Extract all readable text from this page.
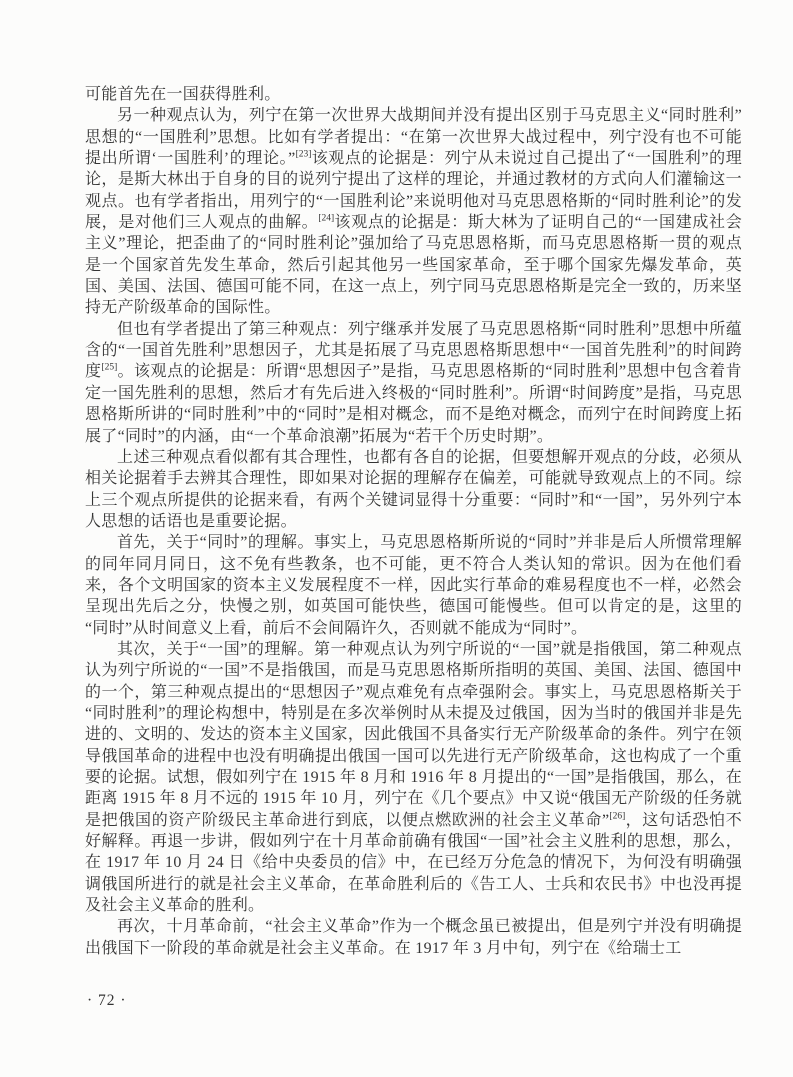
可能首先在一国获得胜利。

另一种观点认为，列宁在第一次世界大战期间并没有提出区别于马克思主义“同时胜利”思想的“一国胜利”思想。比如有学者提出：“在第一次世界大战过程中，列宁没有也不可能提出所谓‘一国胜利’的理论。”[23]该观点的论据是：列宁从未说过自己提出了“一国胜利”的理论，是斯大林出于自身的目的说列宁提出了这样的理论，并通过教材的方式向人们灌输这一观点。也有学者指出，用列宁的“一国胜利论”来说明他对马克思恩格斯的“同时胜利论”的发展，是对他们三人观点的曲解。[24]该观点的论据是：斯大林为了证明自己的“一国建成社会主义”理论，把歪曲了的“同时胜利论”强加给了马克思恩格斯，而马克思恩格斯一贯的观点是一个国家首先发生革命，然后引起其他另一些国家革命，至于哪个国家先爆发革命，英国、美国、法国、德国可能不同，在这一点上，列宁同马克思恩格斯是完全一致的，历来坚持无产阶级革命的国际性。

但也有学者提出了第三种观点：列宁继承并发展了马克思恩格斯“同时胜利”思想中所蕴含的“一国首先胜利”思想因子，尤其是拓展了马克思恩格斯思想中“一国首先胜利”的时间跨度[25]。该观点的论据是：所谓“思想因子”是指，马克思恩格斯的“同时胜利”思想中包含着肯定一国先胜利的思想，然后才有先后进入终极的“同时胜利”。所谓“时间跨度”是指，马克思恩格斯所讲的“同时胜利”中的“同时”是相对概念，而不是绝对概念，而列宁在时间跨度上拓展了“同时”的内涵，由“一个革命浪潮”拓展为“若干个历史时期”。

上述三种观点看似都有其合理性，也都有各自的论据，但要想解开观点的分歧，必须从相关论据着手去辨其合理性，即如果对论据的理解存在偏差，可能就导致观点上的不同。综上三个观点所提供的论据来看，有两个关键词显得十分重要：“同时”和“一国”，另外列宁本人思想的话语也是重要论据。

首先，关于“同时”的理解。事实上，马克思恩格斯所说的“同时”并非是后人所惯常理解的同年同月同日，这不免有些教条，也不可能，更不符合人类认知的常识。因为在他们看来，各个文明国家的资本主义发展程度不一样，因此实行革命的难易程度也不一样，必然会呈现出先后之分，快慢之别，如英国可能快些，德国可能慢些。但可以肯定的是，这里的“同时”从时间意义上看，前后不会间隔许久，否则就不能成为“同时”。

其次，关于“一国”的理解。第一种观点认为列宁所说的“一国”就是指俄国，第二种观点认为列宁所说的“一国”不是指俄国，而是马克思恩格斯所指明的英国、美国、法国、德国中的一个，第三种观点提出的“思想因子”观点难免有点牵强附会。事实上，马克思恩格斯关于“同时胜利”的理论构想中，特别是在多次举例时从未提及过俄国，因为当时的俄国并非是先进的、文明的、发达的资本主义国家，因此俄国不具备实行无产阶级革命的条件。列宁在领导俄国革命的进程中也没有明确提出俄国一国可以先进行无产阶级革命，这也构成了一个重要的论据。试想，假如列宁在 1915 年 8 月和 1916 年 8 月提出的“一国”是指俄国，那么，在距离 1915 年 8 月不远的 1915 年 10 月，列宁在《几个要点》中又说“俄国无产阶级的任务就是把俄国的资产阶级民主革命进行到底，以便点燃欧洲的社会主义革命”[26]，这句话恐怕不好解释。再退一步讲，假如列宁在十月革命前确有俄国“一国”社会主义胜利的思想，那么，在 1917 年 10 月 24 日《给中央委员的信》中，在已经万分危急的情况下，为何没有明确强调俄国所进行的就是社会主义革命，在革命胜利后的《告工人、士兵和农民书》中也没再提及社会主义革命的胜利。

再次，十月革命前，“社会主义革命”作为一个概念虽已被提出，但是列宁并没有明确提出俄国下一阶段的革命就是社会主义革命。在 1917 年 3 月中旬，列宁在《给瑞士工

· 72 ·
